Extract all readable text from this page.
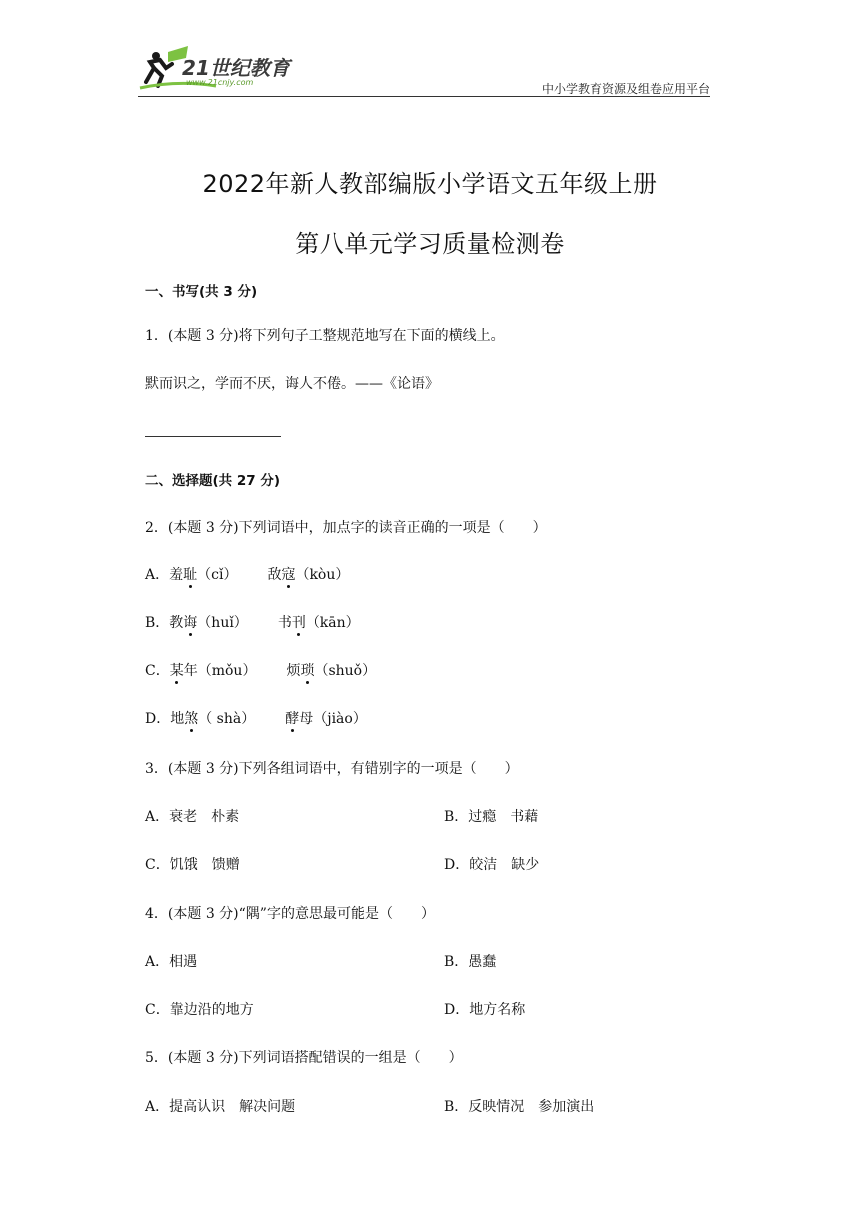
21世纪教育
www.21cnjy.com	中小学教育资源及组卷应用平台
2022年新人教部编版小学语文五年级上册
第八单元学习质量检测卷
一、书写(共 3 分)
1．(本题 3 分)将下列句子工整规范地写在下面的横线上。
默而识之，学而不厌，诲人不倦。——《论语》
二、选择题(共 27 分)
2．(本题 3 分)下列词语中，加点字的读音正确的一项是（　　）
A．羞耻（cǐ） 敌寇（kòu）
B．教诲（huǐ） 书刊（kān）
C．某年（mǒu） 烦琐（shuǒ）
D．地煞（ shà） 酵母（jiào）
3．(本题 3 分)下列各组词语中，有错别字的一项是（　　）
A．衰老　朴素	B．过瘾　书藉
C．饥饿　馈赠	D．皎洁　缺少
4．(本题 3 分)“隅”字的意思最可能是（　　）
A．相遇	B．愚蠢
C．靠边沿的地方	D．地方名称
5．(本题 3 分)下列词语搭配错误的一组是（　　）
A．提高认识　解决问题	B．反映情况　参加演出
